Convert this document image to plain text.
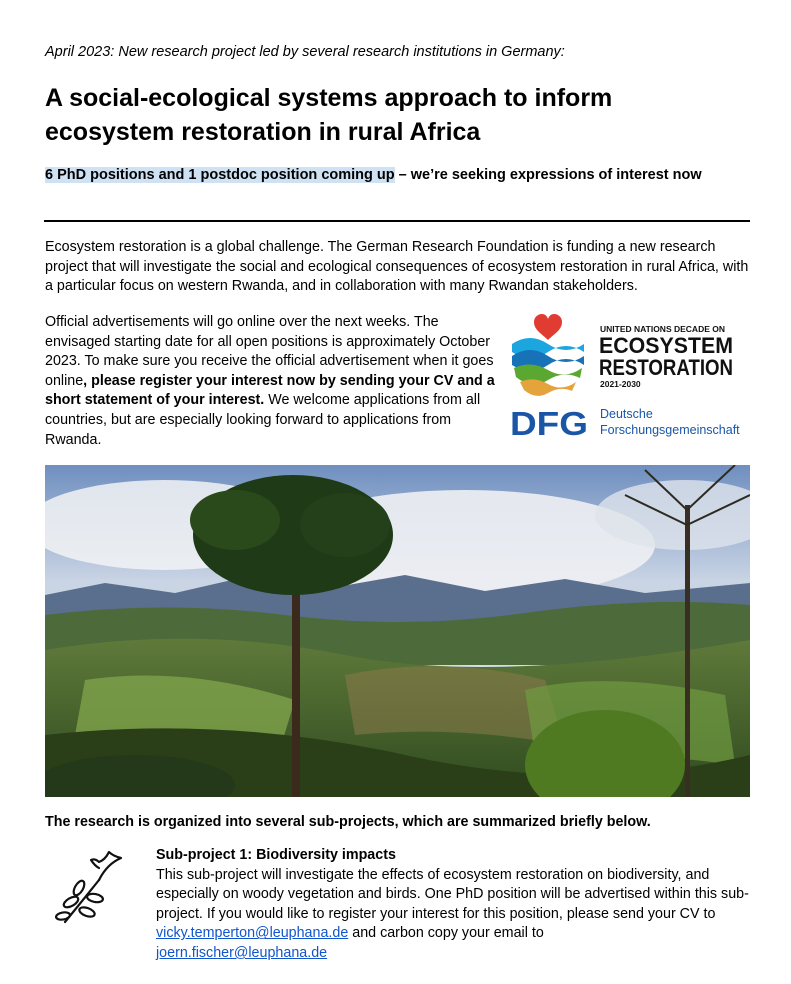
April 2023: New research project led by several research institutions in Germany:
A social-ecological systems approach to inform ecosystem restoration in rural Africa
6 PhD positions and 1 postdoc position coming up – we’re seeking expressions of interest now
Ecosystem restoration is a global challenge. The German Research Foundation is funding a new research project that will investigate the social and ecological consequences of ecosystem restoration in rural Africa, with a particular focus on western Rwanda, and in collaboration with many Rwandan stakeholders.
Official advertisements will go online over the next weeks. The envisaged starting date for all open positions is approximately October 2023. To make sure you receive the official advertisement when it goes online, please register your interest now by sending your CV and a short statement of your interest. We welcome applications from all countries, but are especially looking forward to applications from Rwanda.
UNITED NATIONS DECADE ON
ECOSYSTEM
RESTORATION
2021-2030
DFG Deutsche
Forschungsgemeinschaft
The research is organized into several sub-projects, which are summarized briefly below.
Sub-project 1: Biodiversity impacts
This sub-project will investigate the effects of ecosystem restoration on biodiversity, and especially on woody vegetation and birds. One PhD position will be advertised within this sub-project. If you would like to register your interest for this position, please send your CV to vicky.temperton@leuphana.de and carbon copy your email to
joern.fischer@leuphana.de
